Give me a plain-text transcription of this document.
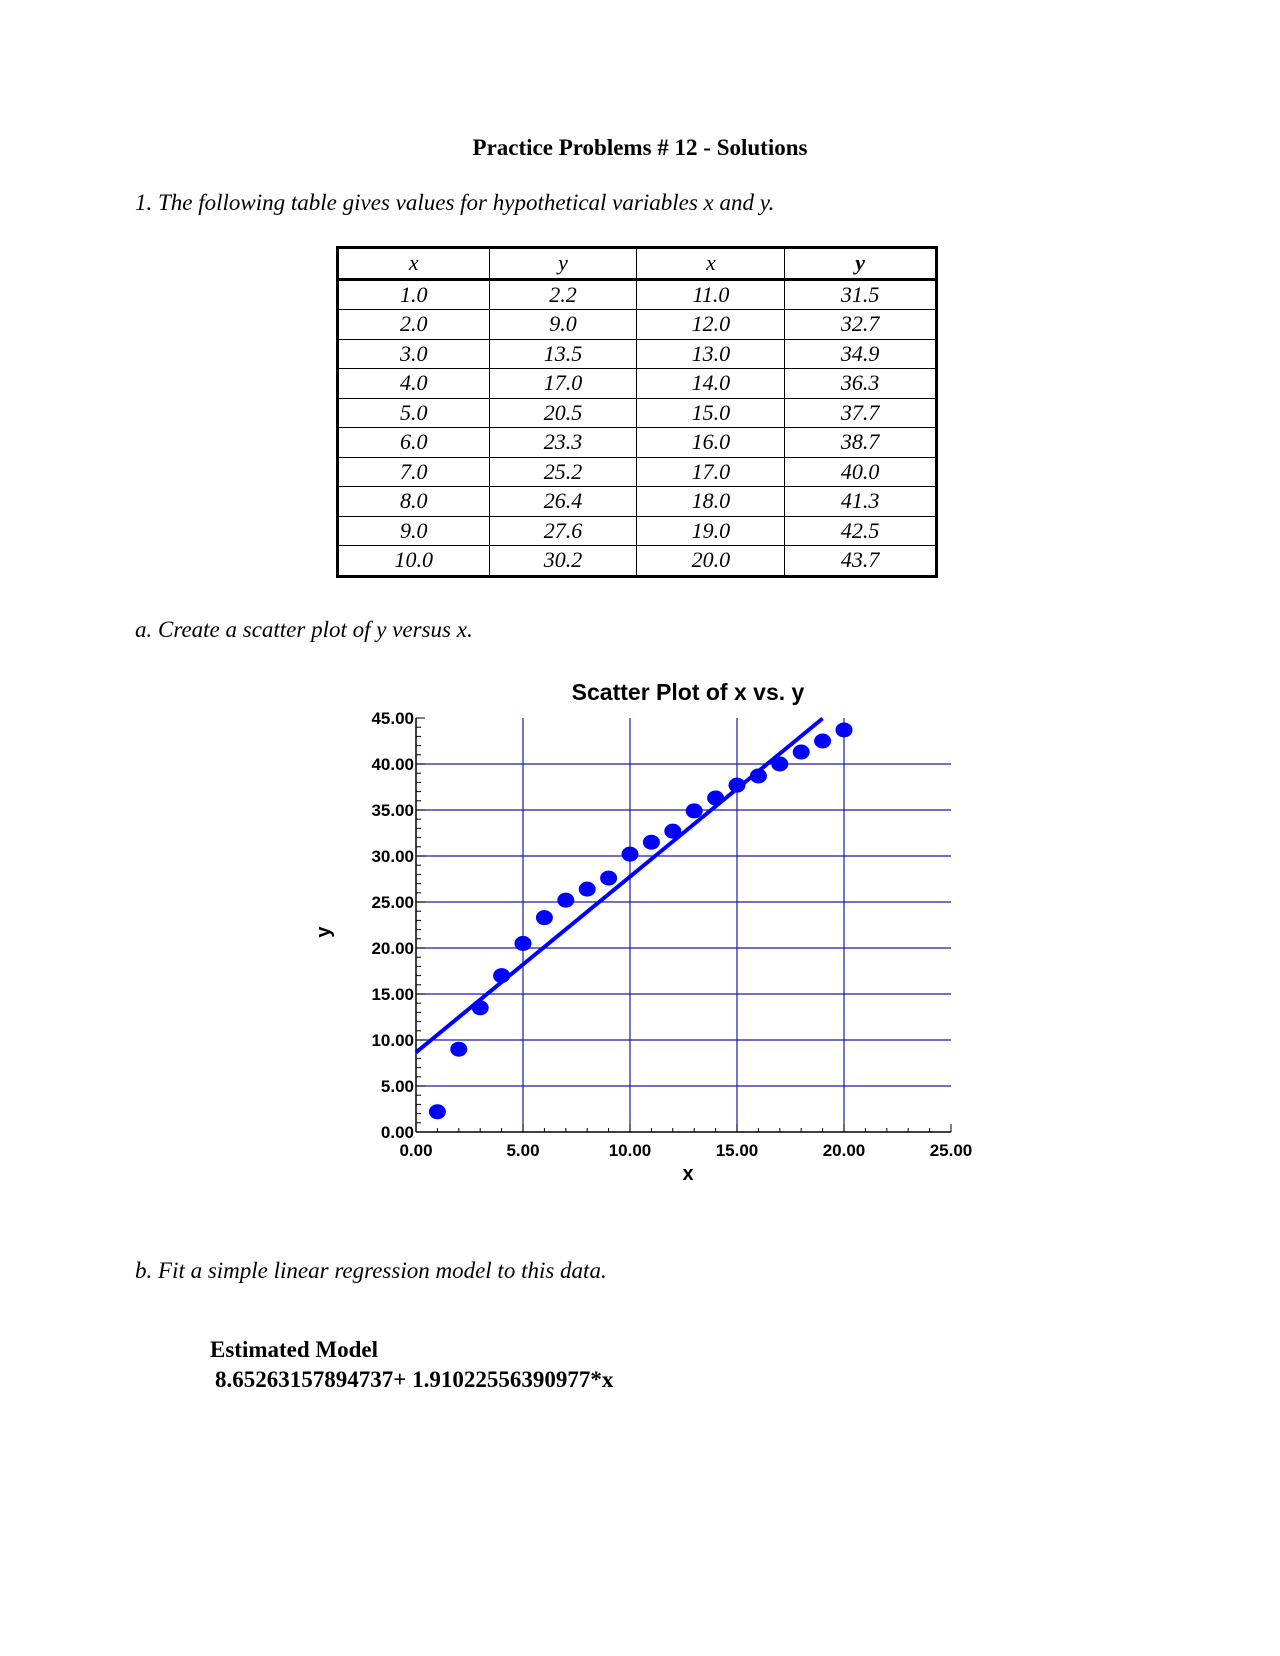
Practice Problems # 12 - Solutions
1. The following table gives values for hypothetical variables x and y.
x	y	x	y
1.0	2.2	11.0	31.5
2.0	9.0	12.0	32.7
3.0	13.5	13.0	34.9
4.0	17.0	14.0	36.3
5.0	20.5	15.0	37.7
6.0	23.3	16.0	38.7
7.0	25.2	17.0	40.0
8.0	26.4	18.0	41.3
9.0	27.6	19.0	42.5
10.0	30.2	20.0	43.7
a. Create a scatter plot of y versus x.
Scatter Plot of x vs. y
0.00
5.00
10.00
15.00
20.00
25.00
30.00
35.00
40.00
45.00
0.00	5.00	10.00	15.00	20.00	25.00
x
y
b. Fit a simple linear regression model to this data.
Estimated Model
8.65263157894737+ 1.91022556390977*x
